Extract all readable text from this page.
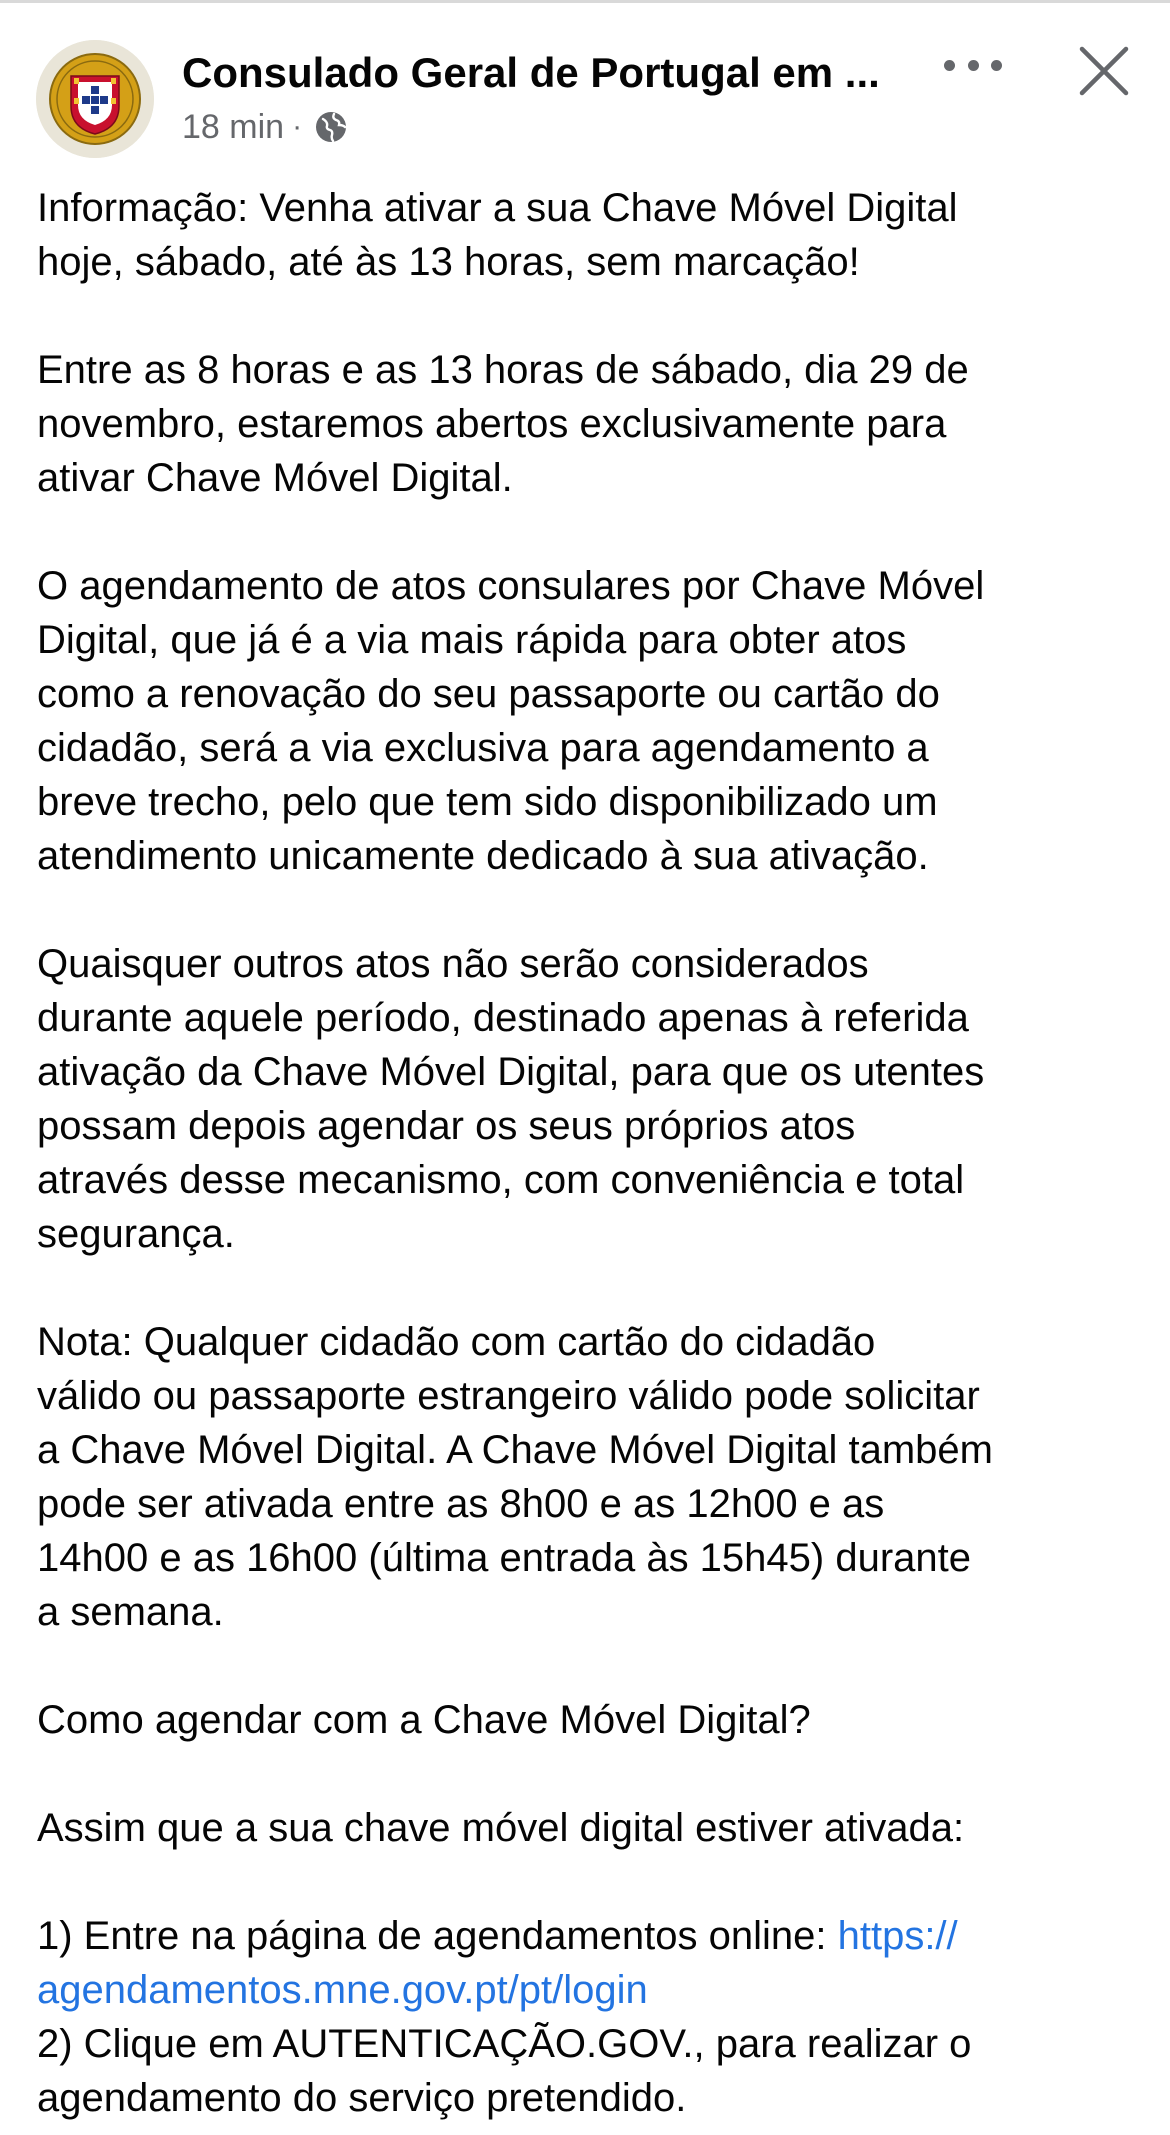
Consulado Geral de Portugal em ...
18 min ·

Informação: Venha ativar a sua Chave Móvel Digital
hoje, sábado, até às 13 horas, sem marcação!

Entre as 8 horas e as 13 horas de sábado, dia 29 de
novembro, estaremos abertos exclusivamente para
ativar Chave Móvel Digital.

O agendamento de atos consulares por Chave Móvel
Digital, que já é a via mais rápida para obter atos
como a renovação do seu passaporte ou cartão do
cidadão, será a via exclusiva para agendamento a
breve trecho, pelo que tem sido disponibilizado um
atendimento unicamente dedicado à sua ativação.

Quaisquer outros atos não serão considerados
durante aquele período, destinado apenas à referida
ativação da Chave Móvel Digital, para que os utentes
possam depois agendar os seus próprios atos
através desse mecanismo, com conveniência e total
segurança.

Nota: Qualquer cidadão com cartão do cidadão
válido ou passaporte estrangeiro válido pode solicitar
a Chave Móvel Digital. A Chave Móvel Digital também
pode ser ativada entre as 8h00 e as 12h00 e as
14h00 e as 16h00 (última entrada às 15h45) durante
a semana.

Como agendar com a Chave Móvel Digital?

Assim que a sua chave móvel digital estiver ativada:

1) Entre na página de agendamentos online: https://
agendamentos.mne.gov.pt/pt/login

2) Clique em AUTENTICAÇÃO.GOV., para realizar o
agendamento do serviço pretendido.
